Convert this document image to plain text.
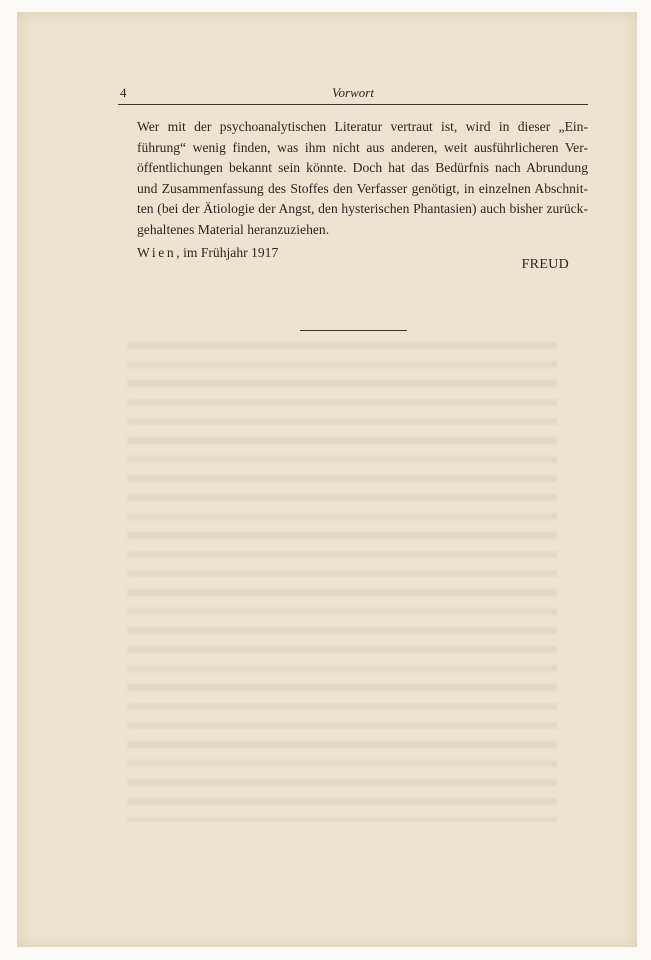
4	Vorwort

Wer mit der psychoanalytischen Literatur vertraut ist, wird in dieser „Ein-
führung“ wenig finden, was ihm nicht aus anderen, weit ausführlicheren Ver-
öffentlichungen bekannt sein könnte. Doch hat das Bedürfnis nach Abrundung
und Zusammenfassung des Stoffes den Verfasser genötigt, in einzelnen Abschnit-
ten (bei der Ätiologie der Angst, den hysterischen Phantasien) auch bisher zurück-
gehaltenes Material heranzuziehen.

Wien, im Frühjahr 1917

FREUD
